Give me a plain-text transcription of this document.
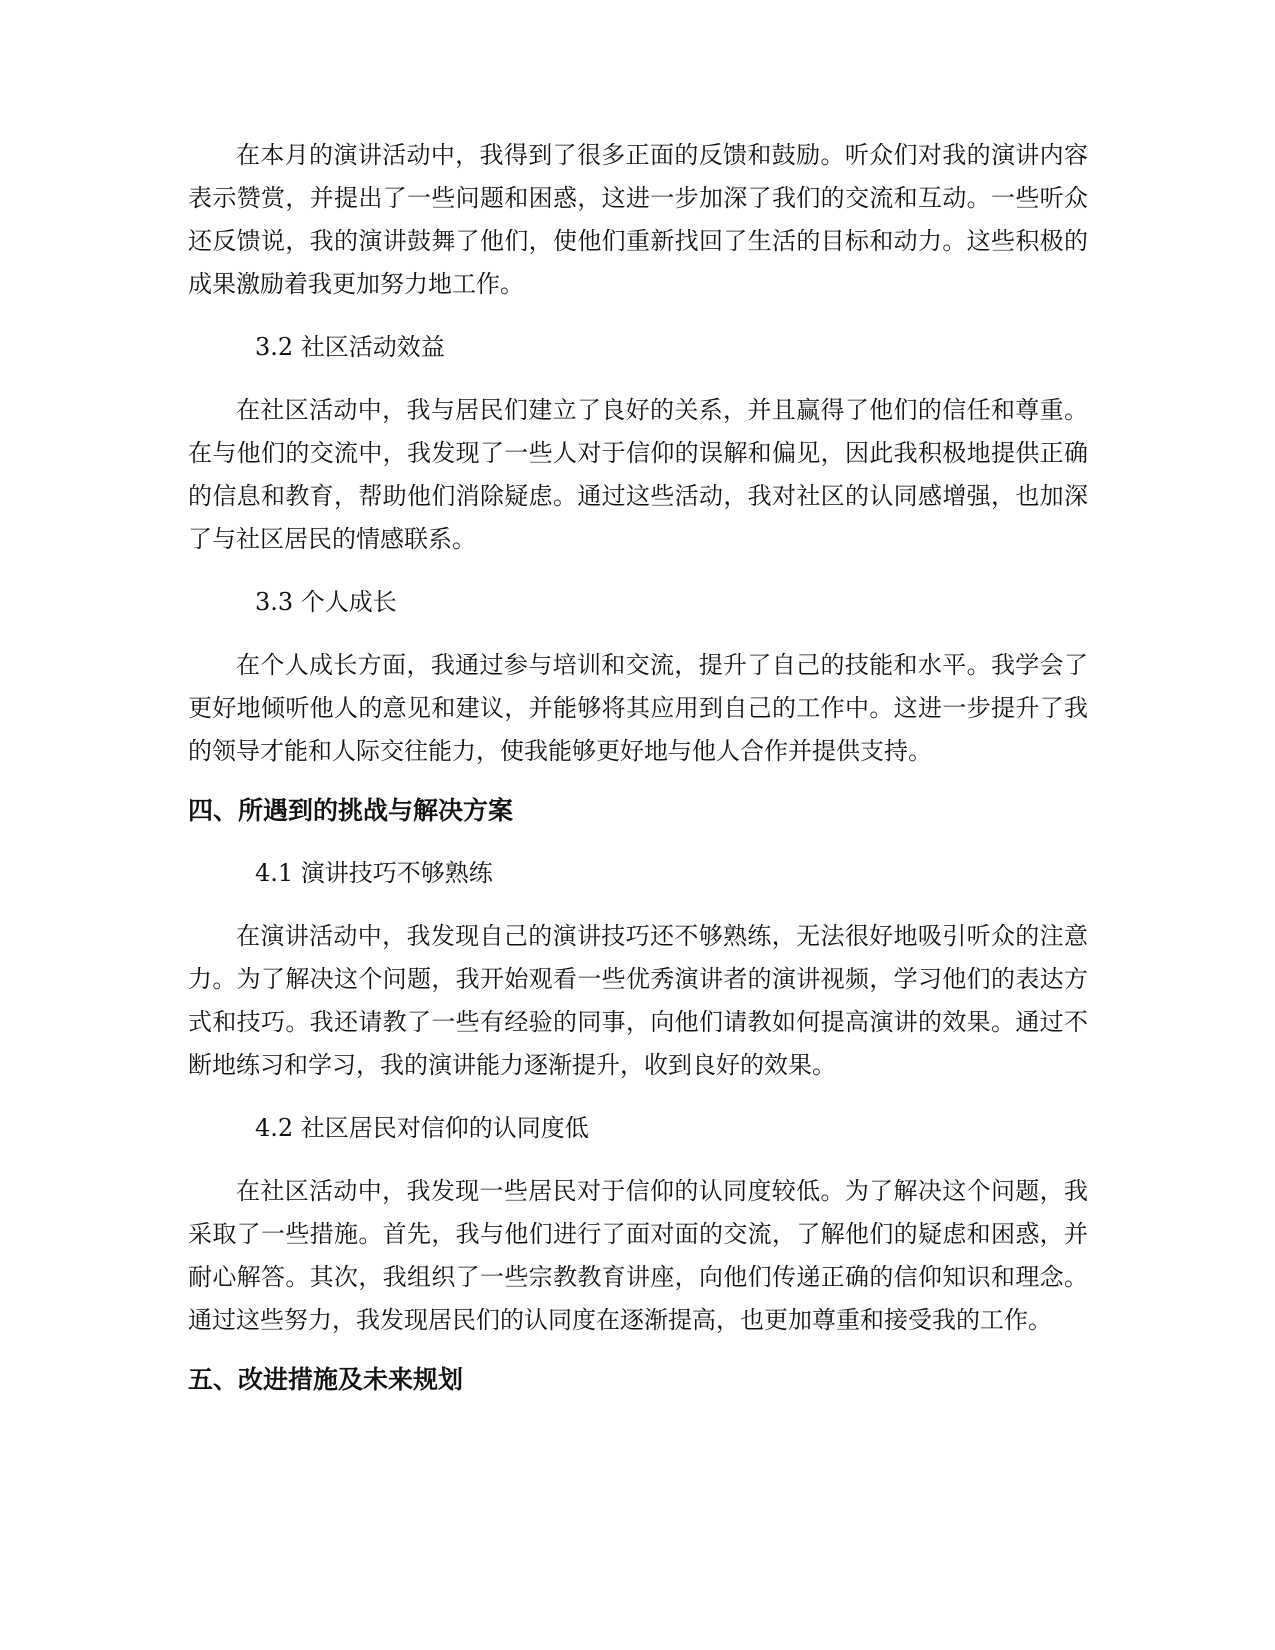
在本月的演讲活动中，我得到了很多正面的反馈和鼓励。听众们对我的演讲内容表示赞赏，并提出了一些问题和困惑，这进一步加深了我们的交流和互动。一些听众还反馈说，我的演讲鼓舞了他们，使他们重新找回了生活的目标和动力。这些积极的成果激励着我更加努力地工作。

3.2 社区活动效益

在社区活动中，我与居民们建立了良好的关系，并且赢得了他们的信任和尊重。在与他们的交流中，我发现了一些人对于信仰的误解和偏见，因此我积极地提供正确的信息和教育，帮助他们消除疑虑。通过这些活动，我对社区的认同感增强，也加深了与社区居民的情感联系。

3.3 个人成长

在个人成长方面，我通过参与培训和交流，提升了自己的技能和水平。我学会了更好地倾听他人的意见和建议，并能够将其应用到自己的工作中。这进一步提升了我的领导才能和人际交往能力，使我能够更好地与他人合作并提供支持。

四、所遇到的挑战与解决方案
4.1 演讲技巧不够熟练

在演讲活动中，我发现自己的演讲技巧还不够熟练，无法很好地吸引听众的注意力。为了解决这个问题，我开始观看一些优秀演讲者的演讲视频，学习他们的表达方式和技巧。我还请教了一些有经验的同事，向他们请教如何提高演讲的效果。通过不断地练习和学习，我的演讲能力逐渐提升，收到良好的效果。

4.2 社区居民对信仰的认同度低

在社区活动中，我发现一些居民对于信仰的认同度较低。为了解决这个问题，我采取了一些措施。首先，我与他们进行了面对面的交流，了解他们的疑虑和困惑，并耐心解答。其次，我组织了一些宗教教育讲座，向他们传递正确的信仰知识和理念。通过这些努力，我发现居民们的认同度在逐渐提高，也更加尊重和接受我的工作。

五、改进措施及未来规划
